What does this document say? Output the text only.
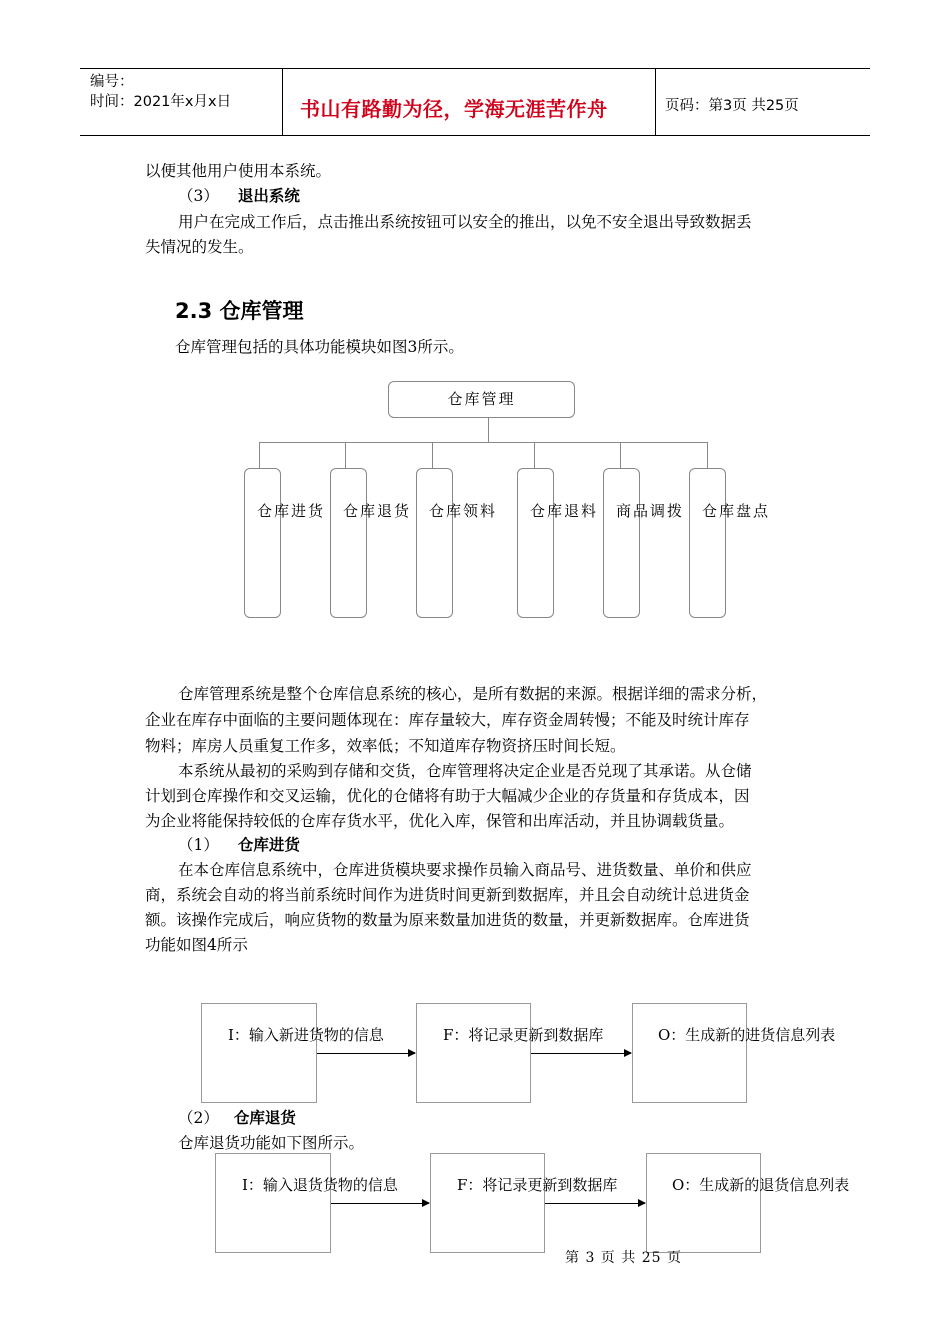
编号：
时间：2021年x月x日	书山有路勤为径，学海无涯苦作舟	页码：第3页 共25页
以便其他用户使用本系统。
（3） 退出系统
用户在完成工作后，点击推出系统按钮可以安全的推出，以免不安全退出导致数据丢
失情况的发生。
2.3 仓库管理
仓库管理包括的具体功能模块如图3所示。
仓库管理
仓库进货 仓库退货 仓库领料 仓库退料 商品调拨 仓库盘点
仓库管理系统是整个仓库信息系统的核心，是所有数据的来源。根据详细的需求分析，
企业在库存中面临的主要问题体现在：库存量较大，库存资金周转慢；不能及时统计库存
物料；库房人员重复工作多，效率低；不知道库存物资挤压时间长短。
本系统从最初的采购到存储和交货，仓库管理将决定企业是否兑现了其承诺。从仓储
计划到仓库操作和交叉运输，优化的仓储将有助于大幅减少企业的存货量和存货成本，因
为企业将能保持较低的仓库存货水平，优化入库，保管和出库活动，并且协调载货量。
（1） 仓库进货
在本仓库信息系统中，仓库进货模块要求操作员输入商品号、进货数量、单价和供应
商，系统会自动的将当前系统时间作为进货时间更新到数据库，并且会自动统计总进货金
额。该操作完成后，响应货物的数量为原来数量加进货的数量，并更新数据库。仓库进货
功能如图4所示
I：输入新进货物的信息	F：将记录更新到数据库	O：生成新的进货信息列表
（2） 仓库退货
仓库退货功能如下图所示。
I：输入退货货物的信息	F：将记录更新到数据库	O：生成新的退货信息列表
第 3 页 共 25 页
